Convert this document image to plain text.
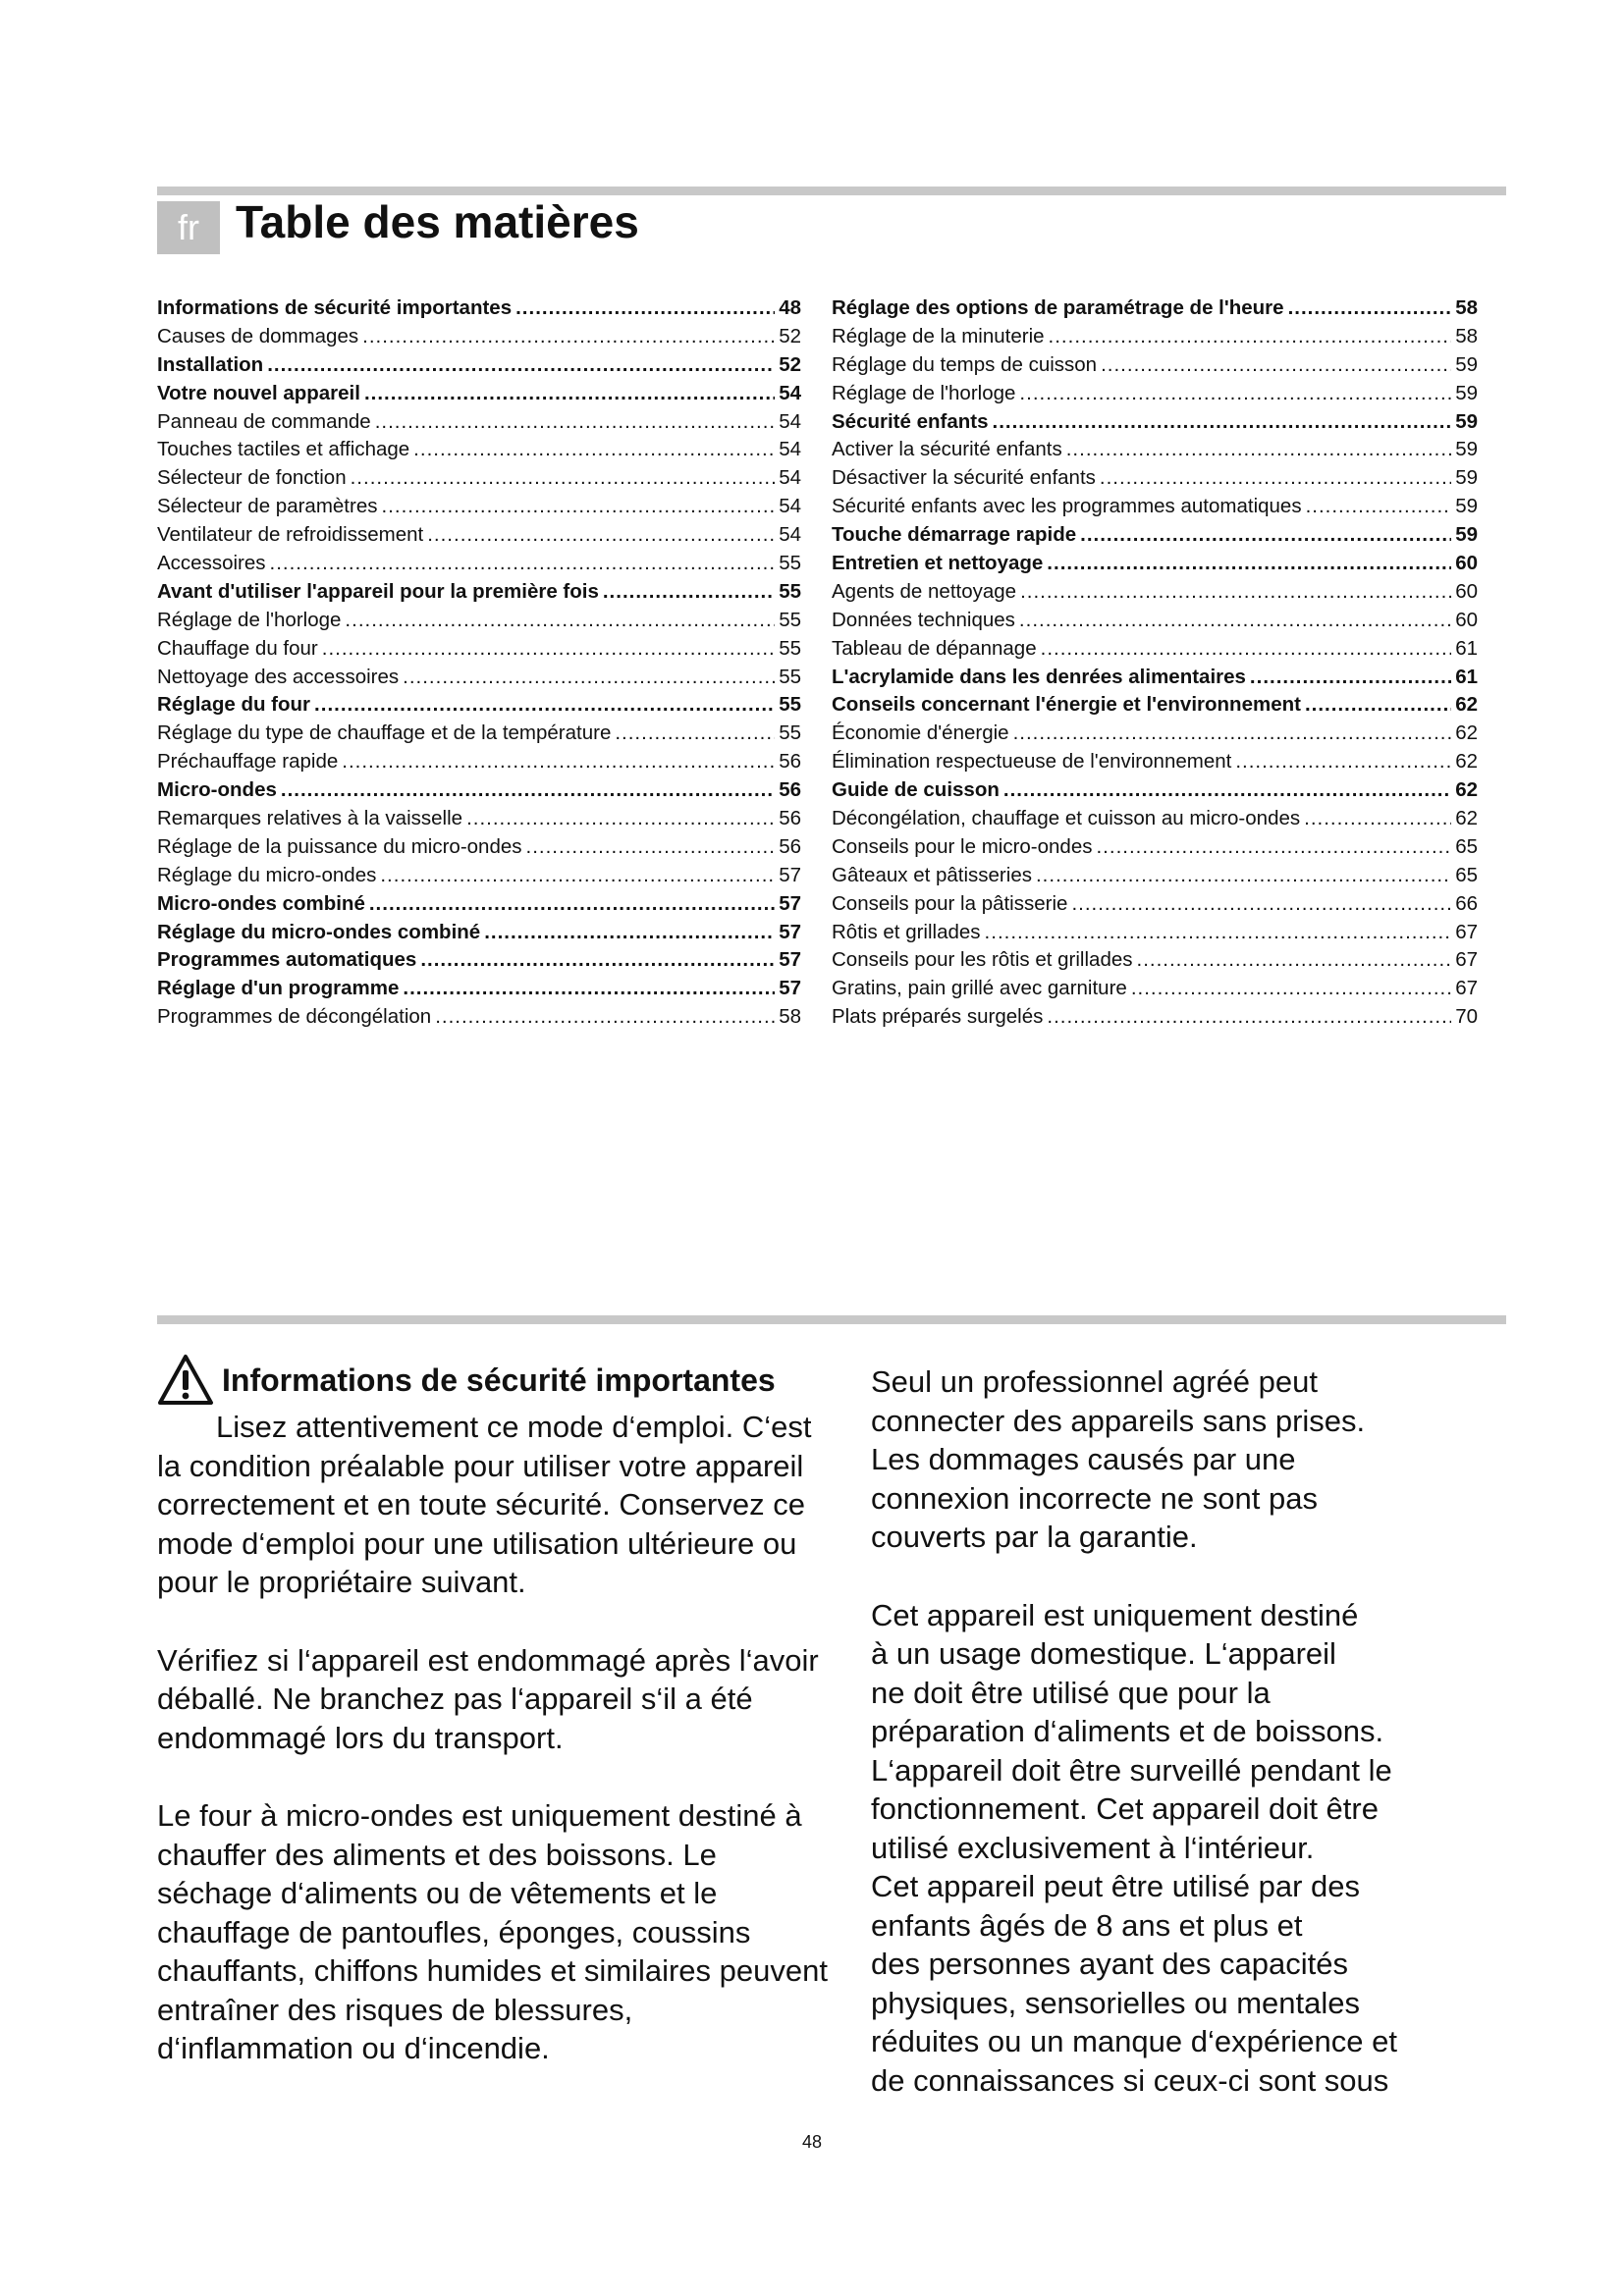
fr Table des matières
Informations de sécurité importantes .....	48
Causes de dommages .....	52
Installation .....	52
Votre nouvel appareil .....	54
Panneau de commande .....	54
Touches tactiles et affichage .....	54
Sélecteur de fonction .....	54
Sélecteur de paramètres .....	54
Ventilateur de refroidissement .....	54
Accessoires .....	55
Avant d'utiliser l'appareil pour la première fois .....	55
Réglage de l'horloge .....	55
Chauffage du four .....	55
Nettoyage des accessoires .....	55
Réglage du four .....	55
Réglage du type de chauffage et de la température .....	55
Préchauffage rapide .....	56
Micro-ondes .....	56
Remarques relatives à la vaisselle .....	56
Réglage de la puissance du micro-ondes .....	56
Réglage du micro-ondes .....	57
Micro-ondes combiné .....	57
Réglage du micro-ondes combiné .....	57
Programmes automatiques .....	57
Réglage d'un programme .....	57
Programmes de décongélation .....	58
Réglage des options de paramétrage de l'heure .....	58
Réglage de la minuterie .....	58
Réglage du temps de cuisson .....	59
Réglage de l'horloge .....	59
Sécurité enfants .....	59
Activer la sécurité enfants .....	59
Désactiver la sécurité enfants .....	59
Sécurité enfants avec les programmes automatiques .....	59
Touche démarrage rapide .....	59
Entretien et nettoyage .....	60
Agents de nettoyage .....	60
Données techniques .....	60
Tableau de dépannage .....	61
L'acrylamide dans les denrées alimentaires .....	61
Conseils concernant l'énergie et l'environnement .....	62
Économie d'énergie .....	62
Élimination respectueuse de l'environnement .....	62
Guide de cuisson .....	62
Décongélation, chauffage et cuisson au micro-ondes .....	62
Conseils pour le micro-ondes .....	65
Gâteaux et pâtisseries .....	65
Conseils pour la pâtisserie .....	66
Rôtis et grillades .....	67
Conseils pour les rôtis et grillades .....	67
Gratins, pain grillé avec garniture .....	67
Plats préparés surgelés .....	70
Informations de sécurité importantes

Lisez attentivement ce mode d‘emploi. C‘est la condition préalable pour utiliser votre appareil correctement et en toute sécurité. Conservez ce mode d‘emploi pour une utilisation ultérieure ou pour le propriétaire suivant.

Vérifiez si l‘appareil est endommagé après l‘avoir déballé. Ne branchez pas l‘appareil s‘il a été endommagé lors du transport.

Le four à micro-ondes est uniquement destiné à chauffer des aliments et des boissons. Le séchage d‘aliments ou de vêtements et le chauffage de pantoufles, éponges, coussins chauffants, chiffons humides et similaires peuvent entraîner des risques de blessures, d‘inflammation ou d‘incendie.

Seul un professionnel agréé peut
connecter des appareils sans prises.
Les dommages causés par une
connexion incorrecte ne sont pas
couverts par la garantie.

Cet appareil est uniquement destiné
à un usage domestique. L‘appareil
ne doit être utilisé que pour la
préparation d‘aliments et de boissons.
L‘appareil doit être surveillé pendant le
fonctionnement. Cet appareil doit être
utilisé exclusivement à l‘intérieur.
Cet appareil peut être utilisé par des
enfants âgés de 8 ans et plus et
des personnes ayant des capacités
physiques, sensorielles ou mentales
réduites ou un manque d‘expérience et
de connaissances si ceux-ci sont sous

48
